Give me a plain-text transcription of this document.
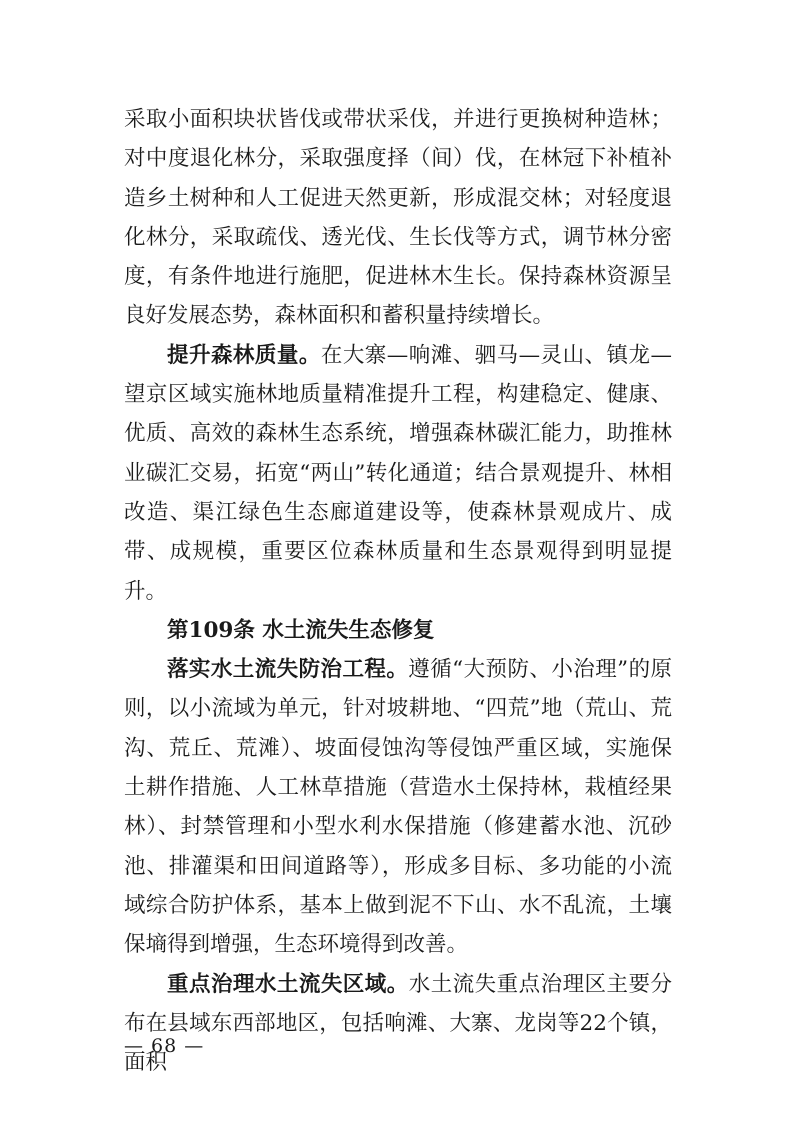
采取小面积块状皆伐或带状采伐，并进行更换树种造林；对中度退化林分，采取强度择（间）伐，在林冠下补植补造乡土树种和人工促进天然更新，形成混交林；对轻度退化林分，采取疏伐、透光伐、生长伐等方式，调节林分密度，有条件地进行施肥，促进林木生长。保持森林资源呈良好发展态势，森林面积和蓄积量持续增长。

提升森林质量。在大寨—响滩、驷马—灵山、镇龙—望京区域实施林地质量精准提升工程，构建稳定、健康、优质、高效的森林生态系统，增强森林碳汇能力，助推林业碳汇交易，拓宽“两山”转化通道；结合景观提升、林相改造、渠江绿色生态廊道建设等，使森林景观成片、成带、成规模，重要区位森林质量和生态景观得到明显提升。

第109条 水土流失生态修复

落实水土流失防治工程。遵循“大预防、小治理”的原则，以小流域为单元，针对坡耕地、“四荒”地（荒山、荒沟、荒丘、荒滩）、坡面侵蚀沟等侵蚀严重区域，实施保土耕作措施、人工林草措施（营造水土保持林，栽植经果林）、封禁管理和小型水利水保措施（修建蓄水池、沉砂池、排灌渠和田间道路等），形成多目标、多功能的小流域综合防护体系，基本上做到泥不下山、水不乱流，土壤保墒得到增强，生态环境得到改善。

重点治理水土流失区域。水土流失重点治理区主要分布在县域东西部地区，包括响滩、大寨、龙岗等22个镇，面积

— 68 —
